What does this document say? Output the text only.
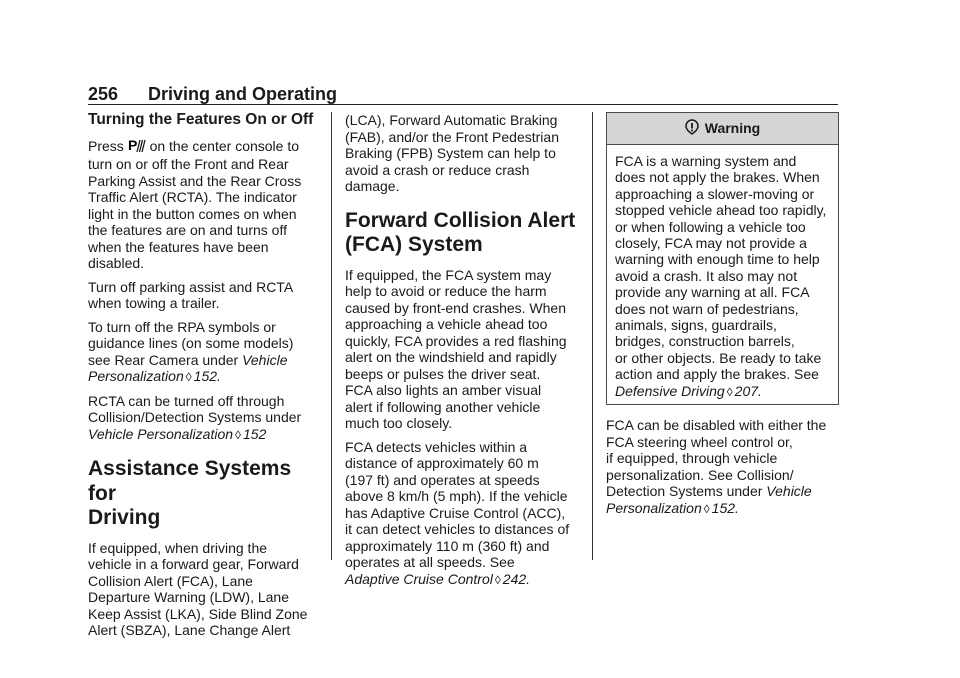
256 Driving and Operating
Turning the Features On or Off

Press P on the center console to
turn on or off the Front and Rear
Parking Assist and the Rear Cross
Traffic Alert (RCTA). The indicator
light in the button comes on when
the features are on and turns off
when the features have been
disabled.

Turn off parking assist and RCTA
when towing a trailer.

To turn off the RPA symbols or
guidance lines (on some models)
see Rear Camera under Vehicle
Personalization ◊ 152.

RCTA can be turned off through
Collision/Detection Systems under
Vehicle Personalization ◊ 152

Assistance Systems for
Driving

If equipped, when driving the
vehicle in a forward gear, Forward
Collision Alert (FCA), Lane
Departure Warning (LDW), Lane
Keep Assist (LKA), Side Blind Zone
Alert (SBZA), Lane Change Alert

(LCA), Forward Automatic Braking
(FAB), and/or the Front Pedestrian
Braking (FPB) System can help to
avoid a crash or reduce crash
damage.

Forward Collision Alert
(FCA) System

If equipped, the FCA system may
help to avoid or reduce the harm
caused by front-end crashes. When
approaching a vehicle ahead too
quickly, FCA provides a red flashing
alert on the windshield and rapidly
beeps or pulses the driver seat.
FCA also lights an amber visual
alert if following another vehicle
much too closely.

FCA detects vehicles within a
distance of approximately 60 m
(197 ft) and operates at speeds
above 8 km/h (5 mph). If the vehicle
has Adaptive Cruise Control (ACC),
it can detect vehicles to distances of
approximately 110 m (360 ft) and
operates at all speeds. See
Adaptive Cruise Control ◊ 242.

Warning
FCA is a warning system and
does not apply the brakes. When
approaching a slower-moving or
stopped vehicle ahead too rapidly,
or when following a vehicle too
closely, FCA may not provide a
warning with enough time to help
avoid a crash. It also may not
provide any warning at all. FCA
does not warn of pedestrians,
animals, signs, guardrails,
bridges, construction barrels,
or other objects. Be ready to take
action and apply the brakes. See
Defensive Driving ◊ 207.

FCA can be disabled with either the
FCA steering wheel control or,
if equipped, through vehicle
personalization. See Collision/
Detection Systems under Vehicle
Personalization ◊ 152.
